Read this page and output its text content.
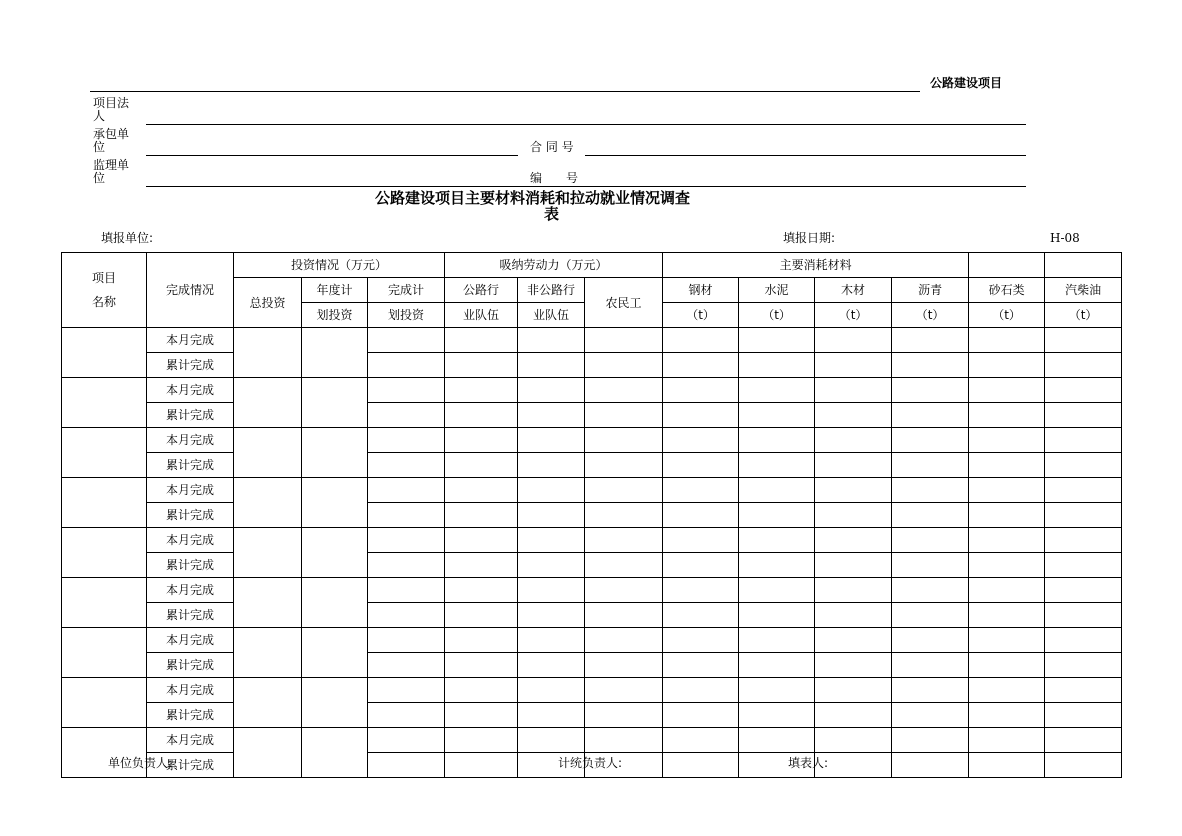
公路建设项目
项目法
人
承包单
位	合 同 号
监理单
位	编　　号
公路建设项目主要材料消耗和拉动就业情况调查
表
填报单位:	填报日期:	H-08
项目
名称	完成情况	投资情况（万元）			吸纳劳动力（万元）			主要消耗材料					
		总投资	年度计	完成计	公路行	非公路行	农民工	钢材	水泥	木材	沥青	砂石类	汽柴油
			划投资	划投资	业队伍	业队伍		（t）	（t）	（t）	（t）	（t）	（t）
	本月完成												
	累计完成												
	本月完成												
	累计完成												
	本月完成												
	累计完成												
	本月完成												
	累计完成												
	本月完成												
	累计完成												
	本月完成												
	累计完成												
	本月完成												
	累计完成												
	本月完成												
	累计完成												
	本月完成												
	累计完成												
单位负责人:	计统负责人:	填表人:
